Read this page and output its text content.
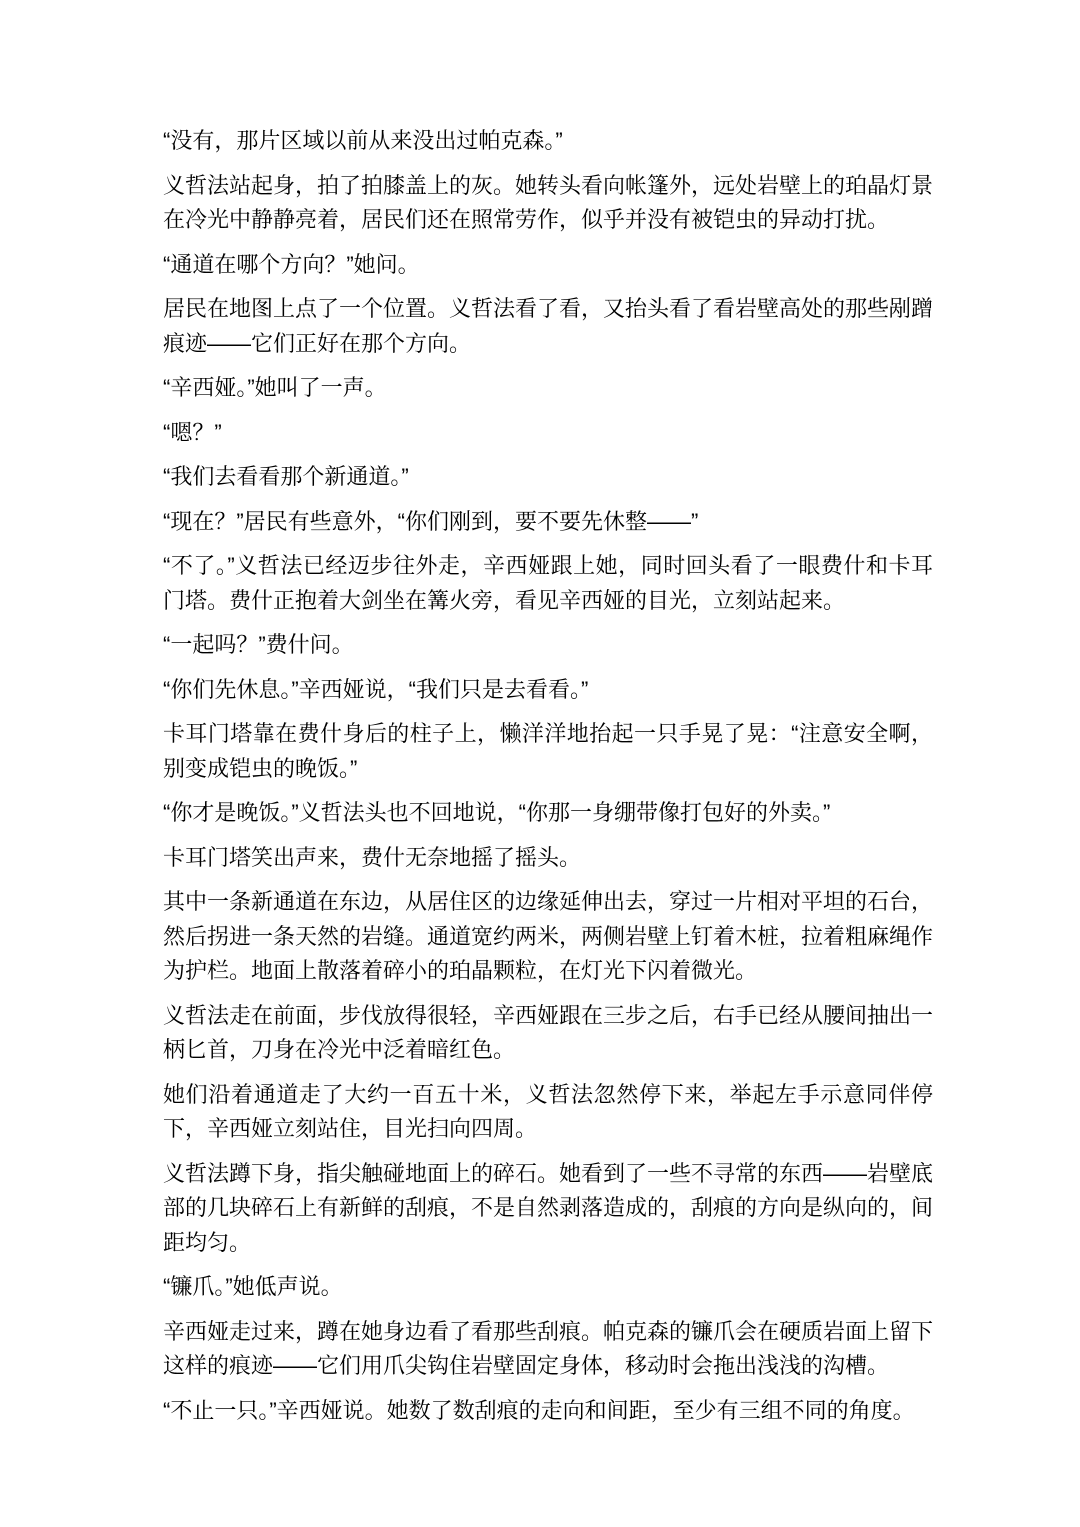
“没有，那片区域以前从来没出过帕克森。”

义哲法站起身，拍了拍膝盖上的灰。她转头看向帐篷外，远处岩壁上的珀晶灯景在冷光中静静亮着，居民们还在照常劳作，似乎并没有被铠虫的异动打扰。

“通道在哪个方向？”她问。

居民在地图上点了一个位置。义哲法看了看，又抬头看了看岩壁高处的那些剐蹭痕迹——它们正好在那个方向。

“辛西娅。”她叫了一声。

“嗯？”

“我们去看看那个新通道。”

“现在？”居民有些意外，“你们刚到，要不要先休整——”

“不了。”义哲法已经迈步往外走，辛西娅跟上她，同时回头看了一眼费什和卡耳门塔。费什正抱着大剑坐在篝火旁，看见辛西娅的目光，立刻站起来。

“一起吗？”费什问。

“你们先休息。”辛西娅说，“我们只是去看看。”

卡耳门塔靠在费什身后的柱子上，懒洋洋地抬起一只手晃了晃：“注意安全啊，别变成铠虫的晚饭。”

“你才是晚饭。”义哲法头也不回地说，“你那一身绷带像打包好的外卖。”

卡耳门塔笑出声来，费什无奈地摇了摇头。

其中一条新通道在东边，从居住区的边缘延伸出去，穿过一片相对平坦的石台，然后拐进一条天然的岩缝。通道宽约两米，两侧岩壁上钉着木桩，拉着粗麻绳作为护栏。地面上散落着碎小的珀晶颗粒，在灯光下闪着微光。

义哲法走在前面，步伐放得很轻，辛西娅跟在三步之后，右手已经从腰间抽出一柄匕首，刀身在冷光中泛着暗红色。

她们沿着通道走了大约一百五十米，义哲法忽然停下来，举起左手示意同伴停下，辛西娅立刻站住，目光扫向四周。

义哲法蹲下身，指尖触碰地面上的碎石。她看到了一些不寻常的东西——岩壁底部的几块碎石上有新鲜的刮痕，不是自然剥落造成的，刮痕的方向是纵向的，间距均匀。

“镰爪。”她低声说。

辛西娅走过来，蹲在她身边看了看那些刮痕。帕克森的镰爪会在硬质岩面上留下这样的痕迹——它们用爪尖钩住岩壁固定身体，移动时会拖出浅浅的沟槽。

“不止一只。”辛西娅说。她数了数刮痕的走向和间距，至少有三组不同的角度。
